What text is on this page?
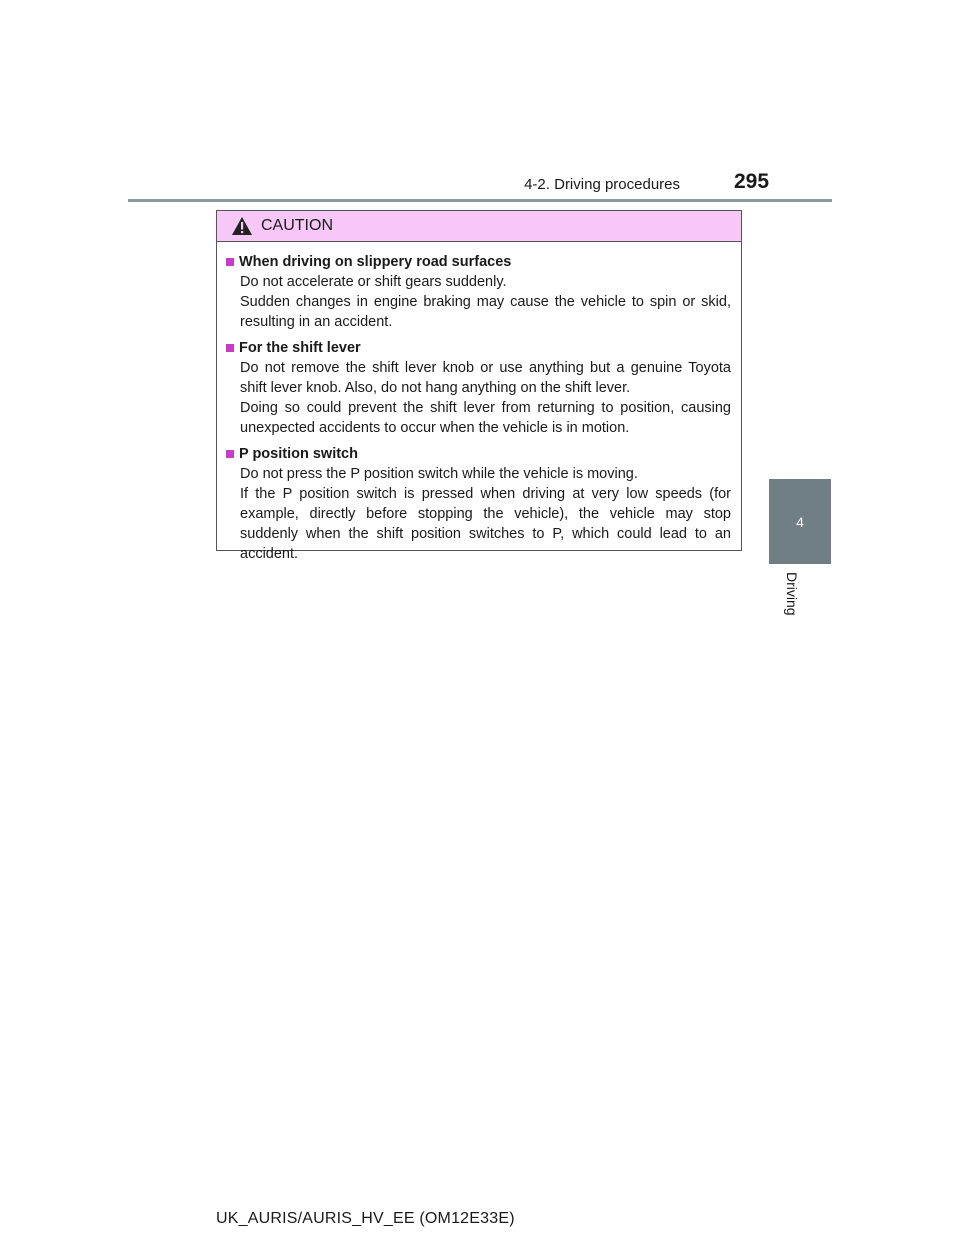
4-2. Driving procedures	295
4
Driving
CAUTION
When driving on slippery road surfaces

Do not accelerate or shift gears suddenly.

Sudden changes in engine braking may cause the vehicle to spin or skid, resulting in an accident.

For the shift lever

Do not remove the shift lever knob or use anything but a genuine Toyota shift lever knob. Also, do not hang anything on the shift lever.

Doing so could prevent the shift lever from returning to position, causing unexpected accidents to occur when the vehicle is in motion.

P position switch

Do not press the P position switch while the vehicle is moving.

If the P position switch is pressed when driving at very low speeds (for example, directly before stopping the vehicle), the vehicle may stop suddenly when the shift position switches to P, which could lead to an accident.

UK_AURIS/AURIS_HV_EE (OM12E33E)
